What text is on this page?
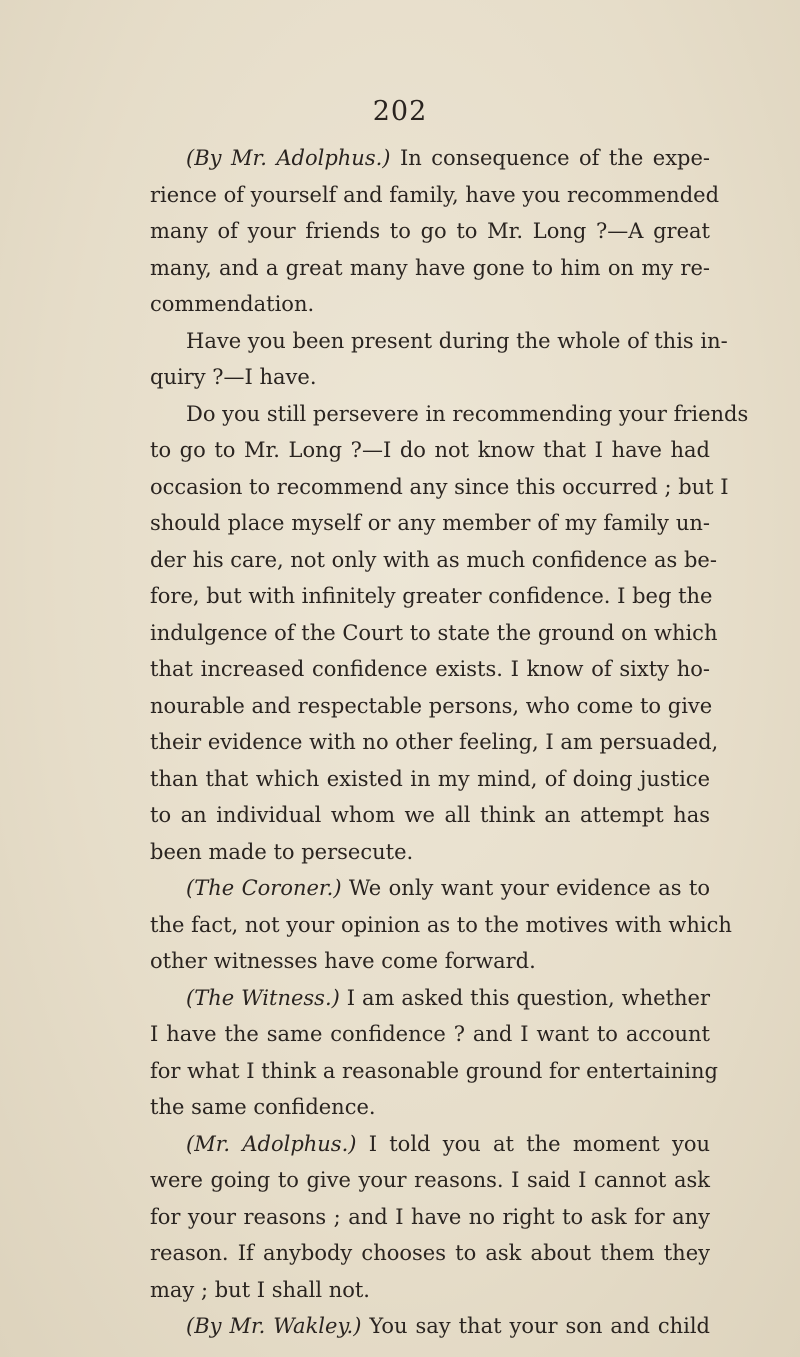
202
(By Mr. Adolphus.) In consequence of the expe-
rience of yourself and family, have you recommended
many of your friends to go to Mr. Long ?—A great
many, and a great many have gone to him on my re-
commendation.
Have you been present during the whole of this in-
quiry ?—I have.
Do you still persevere in recommending your friends
to go to Mr. Long ?—I do not know that I have had
occasion to recommend any since this occurred ; but I
should place myself or any member of my family un-
der his care, not only with as much confidence as be-
fore, but with infinitely greater confidence. I beg the
indulgence of the Court to state the ground on which
that increased confidence exists. I know of sixty ho-
nourable and respectable persons, who come to give
their evidence with no other feeling, I am persuaded,
than that which existed in my mind, of doing justice
to an individual whom we all think an attempt has
been made to persecute.
(The Coroner.) We only want your evidence as to
the fact, not your opinion as to the motives with which
other witnesses have come forward.
(The Witness.) I am asked this question, whether
I have the same confidence ? and I want to account
for what I think a reasonable ground for entertaining
the same confidence.
(Mr. Adolphus.) I told you at the moment you
were going to give your reasons. I said I cannot ask
for your reasons ; and I have no right to ask for any
reason. If anybody chooses to ask about them they
may ; but I shall not.
(By Mr. Wakley.) You say that your son and child
